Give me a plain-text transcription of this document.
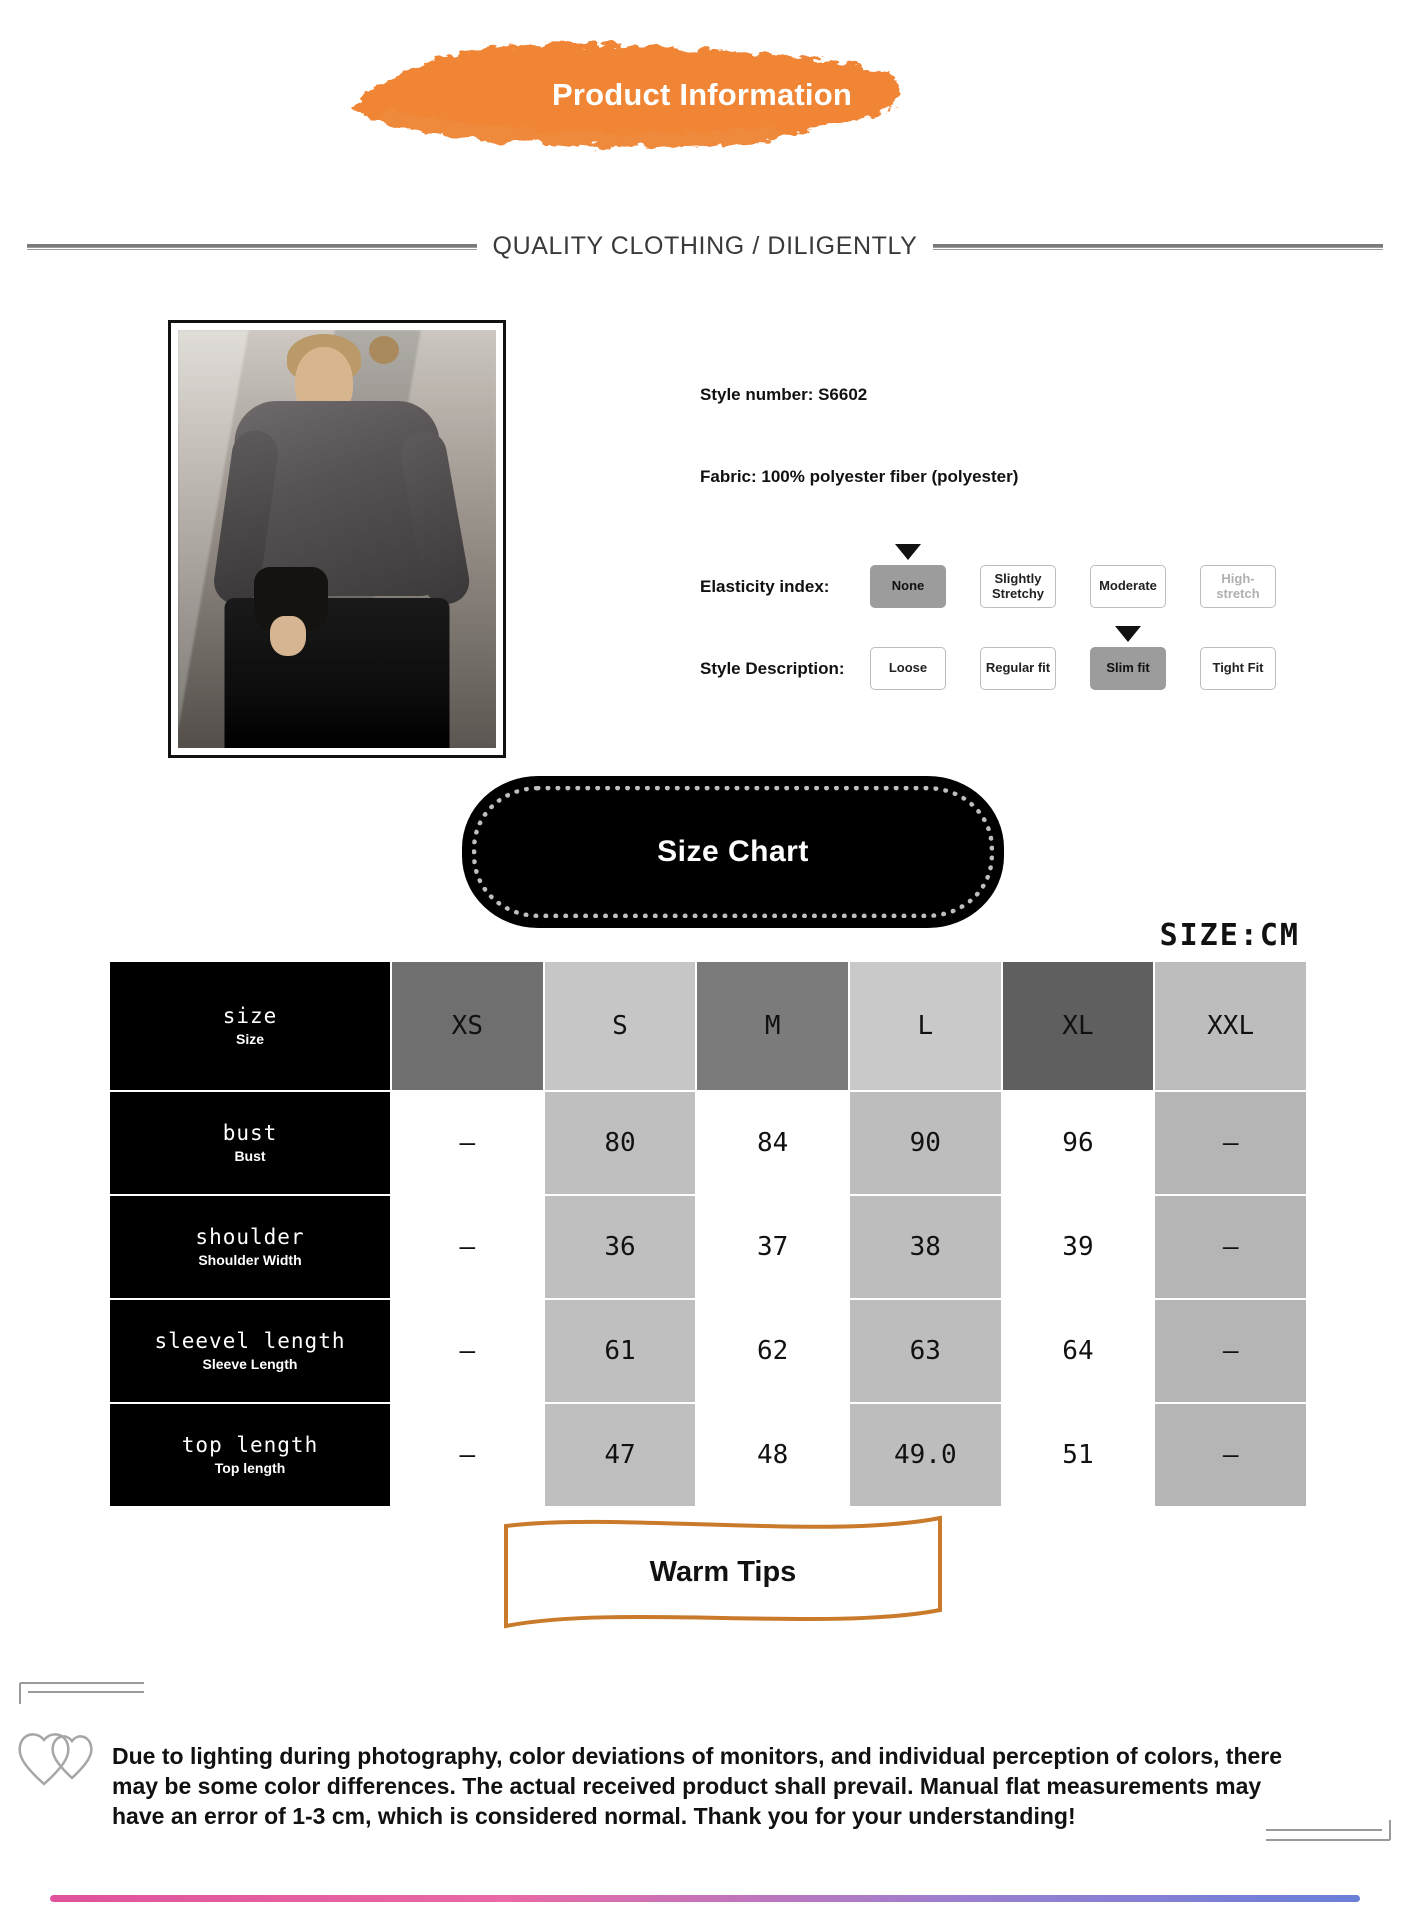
Product Information
QUALITY CLOTHING / DILIGENTLY
Style number: S6602
Fabric: 100% polyester fiber (polyester)
Elasticity index:	None	Slightly Stretchy	Moderate	High-stretch
Style Description:	Loose	Regular fit	Slim fit	Tight Fit
Size Chart
SIZE:CM
size
Size	XS	S	M	L	XL	XXL

bust
Bust	–	80	84	90	96	–

shoulder
Shoulder Width	–	36	37	38	39	–

sleevel length
Sleeve Length	–	61	62	63	64	–

top length
Top length	–	47	48	49.0	51	–
Warm Tips
Due to lighting during photography, color deviations of monitors, and individual perception of colors, there may be some color differences. The actual received product shall prevail. Manual flat measurements may have an error of 1-3 cm, which is considered normal. Thank you for your understanding!
